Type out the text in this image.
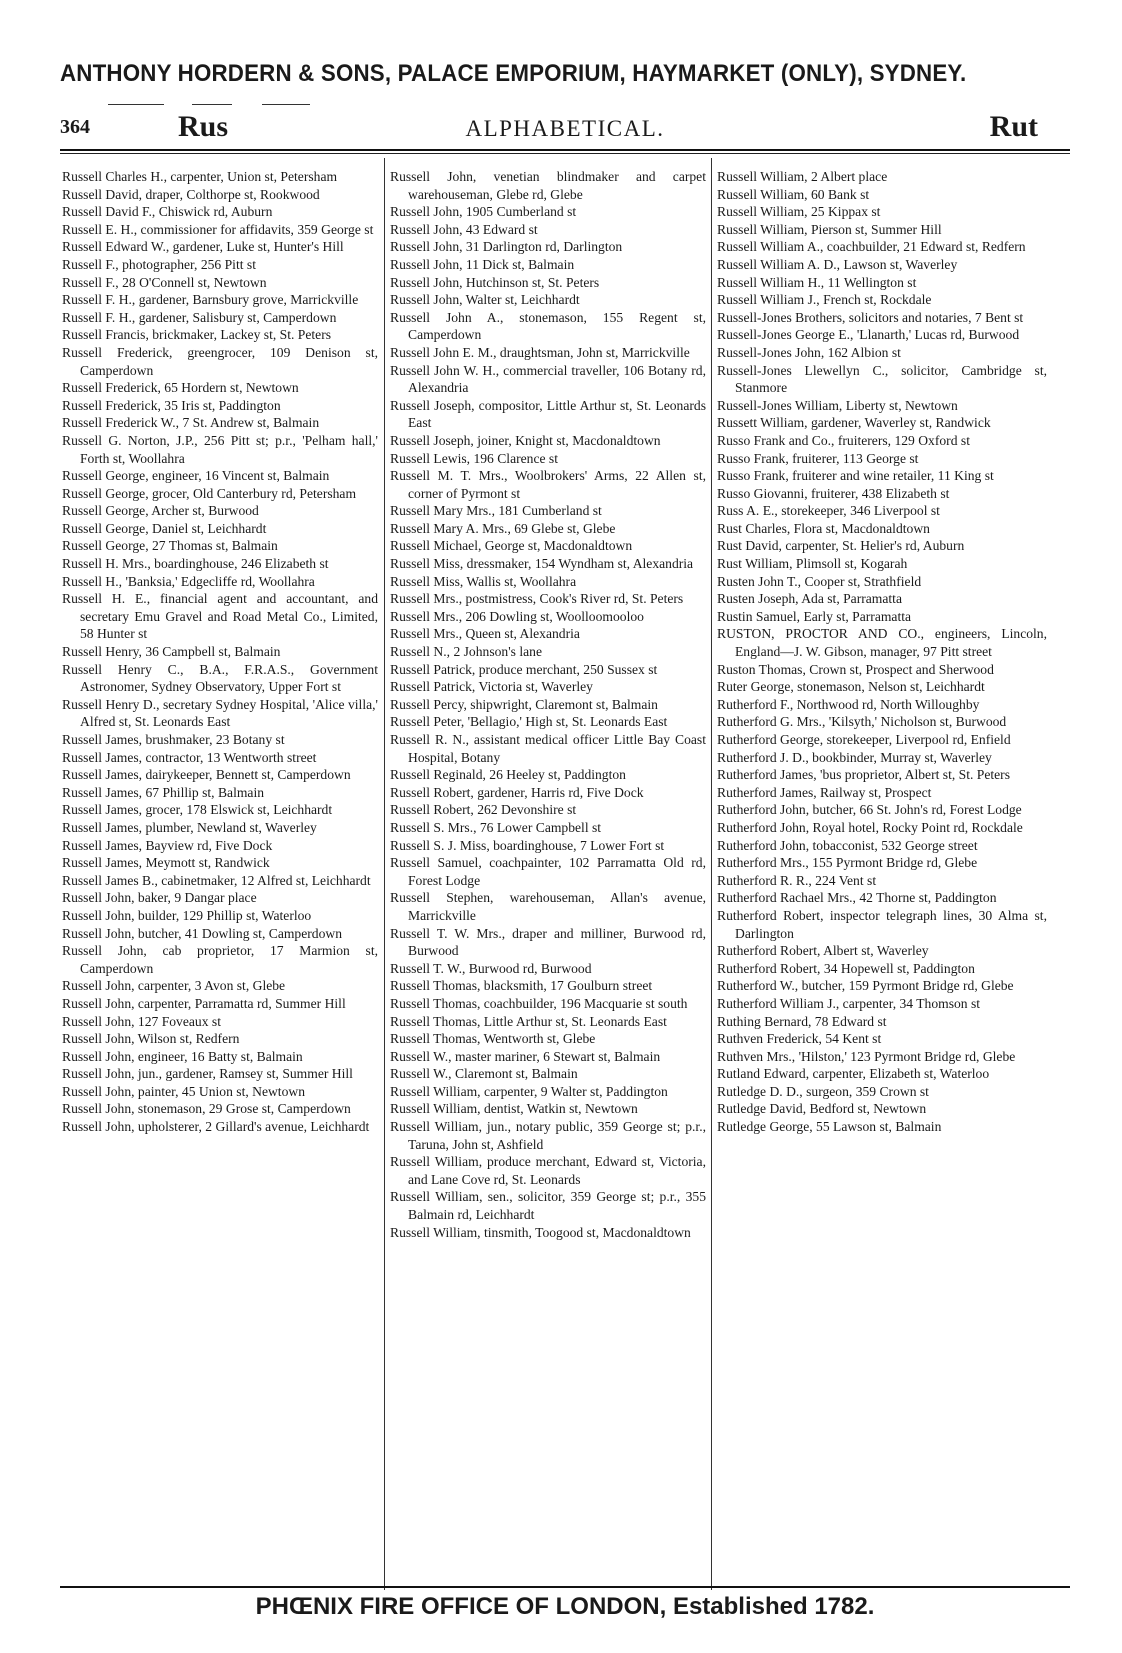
ANTHONY HORDERN & SONS, PALACE EMPORIUM, HAYMARKET (ONLY), SYDNEY.
364	Rus	ALPHABETICAL.	Rut

Russell Charles H., carpenter, Union st, Petersham

Russell David, draper, Colthorpe st, Rookwood

Russell David F., Chiswick rd, Auburn

Russell E. H., commissioner for affidavits, 359 George st

Russell Edward W., gardener, Luke st, Hunter's Hill

Russell F., photographer, 256 Pitt st

Russell F., 28 O'Connell st, Newtown

Russell F. H., gardener, Barnsbury grove, Marrickville

Russell F. H., gardener, Salisbury st, Camperdown

Russell Francis, brickmaker, Lackey st, St. Peters

Russell Frederick, greengrocer, 109 Denison st, Camperdown

Russell Frederick, 65 Hordern st, Newtown

Russell Frederick, 35 Iris st, Paddington

Russell Frederick W., 7 St. Andrew st, Balmain

Russell G. Norton, J.P., 256 Pitt st; p.r., 'Pelham hall,' Forth st, Woollahra

Russell George, engineer, 16 Vincent st, Balmain

Russell George, grocer, Old Canterbury rd, Petersham

Russell George, Archer st, Burwood

Russell George, Daniel st, Leichhardt

Russell George, 27 Thomas st, Balmain

Russell H. Mrs., boardinghouse, 246 Elizabeth st

Russell H., 'Banksia,' Edgecliffe rd, Woollahra

Russell H. E., financial agent and accountant, and secretary Emu Gravel and Road Metal Co., Limited, 58 Hunter st

Russell Henry, 36 Campbell st, Balmain

Russell Henry C., B.A., F.R.A.S., Government Astronomer, Sydney Observatory, Upper Fort st

Russell Henry D., secretary Sydney Hospital, 'Alice villa,' Alfred st, St. Leonards East

Russell James, brushmaker, 23 Botany st

Russell James, contractor, 13 Wentworth street

Russell James, dairykeeper, Bennett st, Camperdown

Russell James, 67 Phillip st, Balmain

Russell James, grocer, 178 Elswick st, Leichhardt

Russell James, plumber, Newland st, Waverley

Russell James, Bayview rd, Five Dock

Russell James, Meymott st, Randwick

Russell James B., cabinetmaker, 12 Alfred st, Leichhardt

Russell John, baker, 9 Dangar place

Russell John, builder, 129 Phillip st, Waterloo

Russell John, butcher, 41 Dowling st, Camperdown

Russell John, cab proprietor, 17 Marmion st, Camperdown

Russell John, carpenter, 3 Avon st, Glebe

Russell John, carpenter, Parramatta rd, Summer Hill

Russell John, 127 Foveaux st

Russell John, Wilson st, Redfern

Russell John, engineer, 16 Batty st, Balmain

Russell John, jun., gardener, Ramsey st, Summer Hill

Russell John, painter, 45 Union st, Newtown

Russell John, stonemason, 29 Grose st, Camperdown

Russell John, upholsterer, 2 Gillard's avenue, Leichhardt

Russell John, venetian blindmaker and carpet warehouseman, Glebe rd, Glebe

Russell John, 1905 Cumberland st

Russell John, 43 Edward st

Russell John, 31 Darlington rd, Darlington

Russell John, 11 Dick st, Balmain

Russell John, Hutchinson st, St. Peters

Russell John, Walter st, Leichhardt

Russell John A., stonemason, 155 Regent st, Camperdown

Russell John E. M., draughtsman, John st, Marrickville

Russell John W. H., commercial traveller, 106 Botany rd, Alexandria

Russell Joseph, compositor, Little Arthur st, St. Leonards East

Russell Joseph, joiner, Knight st, Macdonaldtown

Russell Lewis, 196 Clarence st

Russell M. T. Mrs., Woolbrokers' Arms, 22 Allen st, corner of Pyrmont st

Russell Mary Mrs., 181 Cumberland st

Russell Mary A. Mrs., 69 Glebe st, Glebe

Russell Michael, George st, Macdonaldtown

Russell Miss, dressmaker, 154 Wyndham st, Alexandria

Russell Miss, Wallis st, Woollahra

Russell Mrs., postmistress, Cook's River rd, St. Peters

Russell Mrs., 206 Dowling st, Woolloomooloo

Russell Mrs., Queen st, Alexandria

Russell N., 2 Johnson's lane

Russell Patrick, produce merchant, 250 Sussex st

Russell Patrick, Victoria st, Waverley

Russell Percy, shipwright, Claremont st, Balmain

Russell Peter, 'Bellagio,' High st, St. Leonards East

Russell R. N., assistant medical officer Little Bay Coast Hospital, Botany

Russell Reginald, 26 Heeley st, Paddington

Russell Robert, gardener, Harris rd, Five Dock

Russell Robert, 262 Devonshire st

Russell S. Mrs., 76 Lower Campbell st

Russell S. J. Miss, boardinghouse, 7 Lower Fort st

Russell Samuel, coachpainter, 102 Parramatta Old rd, Forest Lodge

Russell Stephen, warehouseman, Allan's avenue, Marrickville

Russell T. W. Mrs., draper and milliner, Burwood rd, Burwood

Russell T. W., Burwood rd, Burwood

Russell Thomas, blacksmith, 17 Goulburn street

Russell Thomas, coachbuilder, 196 Macquarie st south

Russell Thomas, Little Arthur st, St. Leonards East

Russell Thomas, Wentworth st, Glebe

Russell W., master mariner, 6 Stewart st, Balmain

Russell W., Claremont st, Balmain

Russell William, carpenter, 9 Walter st, Paddington

Russell William, dentist, Watkin st, Newtown

Russell William, jun., notary public, 359 George st; p.r., Taruna, John st, Ashfield

Russell William, produce merchant, Edward st, Victoria, and Lane Cove rd, St. Leonards

Russell William, sen., solicitor, 359 George st; p.r., 355 Balmain rd, Leichhardt

Russell William, tinsmith, Toogood st, Macdonaldtown

Russell William, 2 Albert place

Russell William, 60 Bank st

Russell William, 25 Kippax st

Russell William, Pierson st, Summer Hill

Russell William A., coachbuilder, 21 Edward st, Redfern

Russell William A. D., Lawson st, Waverley

Russell William H., 11 Wellington st

Russell William J., French st, Rockdale

Russell-Jones Brothers, solicitors and notaries, 7 Bent st

Russell-Jones George E., 'Llanarth,' Lucas rd, Burwood

Russell-Jones John, 162 Albion st

Russell-Jones Llewellyn C., solicitor, Cambridge st, Stanmore

Russell-Jones William, Liberty st, Newtown

Russett William, gardener, Waverley st, Randwick

Russo Frank and Co., fruiterers, 129 Oxford st

Russo Frank, fruiterer, 113 George st

Russo Frank, fruiterer and wine retailer, 11 King st

Russo Giovanni, fruiterer, 438 Elizabeth st

Russ A. E., storekeeper, 346 Liverpool st

Rust Charles, Flora st, Macdonaldtown

Rust David, carpenter, St. Helier's rd, Auburn

Rust William, Plimsoll st, Kogarah

Rusten John T., Cooper st, Strathfield

Rusten Joseph, Ada st, Parramatta

Rustin Samuel, Early st, Parramatta

RUSTON, PROCTOR AND CO., engineers, Lincoln, England—J. W. Gibson, manager, 97 Pitt street

Ruston Thomas, Crown st, Prospect and Sherwood

Ruter George, stonemason, Nelson st, Leichhardt

Rutherford F., Northwood rd, North Willoughby

Rutherford G. Mrs., 'Kilsyth,' Nicholson st, Burwood

Rutherford George, storekeeper, Liverpool rd, Enfield

Rutherford J. D., bookbinder, Murray st, Waverley

Rutherford James, 'bus proprietor, Albert st, St. Peters

Rutherford James, Railway st, Prospect

Rutherford John, butcher, 66 St. John's rd, Forest Lodge

Rutherford John, Royal hotel, Rocky Point rd, Rockdale

Rutherford John, tobacconist, 532 George street

Rutherford Mrs., 155 Pyrmont Bridge rd, Glebe

Rutherford R. R., 224 Vent st

Rutherford Rachael Mrs., 42 Thorne st, Paddington

Rutherford Robert, inspector telegraph lines, 30 Alma st, Darlington

Rutherford Robert, Albert st, Waverley

Rutherford Robert, 34 Hopewell st, Paddington

Rutherford W., butcher, 159 Pyrmont Bridge rd, Glebe

Rutherford William J., carpenter, 34 Thomson st

Ruthing Bernard, 78 Edward st

Ruthven Frederick, 54 Kent st

Ruthven Mrs., 'Hilston,' 123 Pyrmont Bridge rd, Glebe

Rutland Edward, carpenter, Elizabeth st, Waterloo

Rutledge D. D., surgeon, 359 Crown st

Rutledge David, Bedford st, Newtown

Rutledge George, 55 Lawson st, Balmain

PHŒNIX FIRE OFFICE OF LONDON, Established 1782.
